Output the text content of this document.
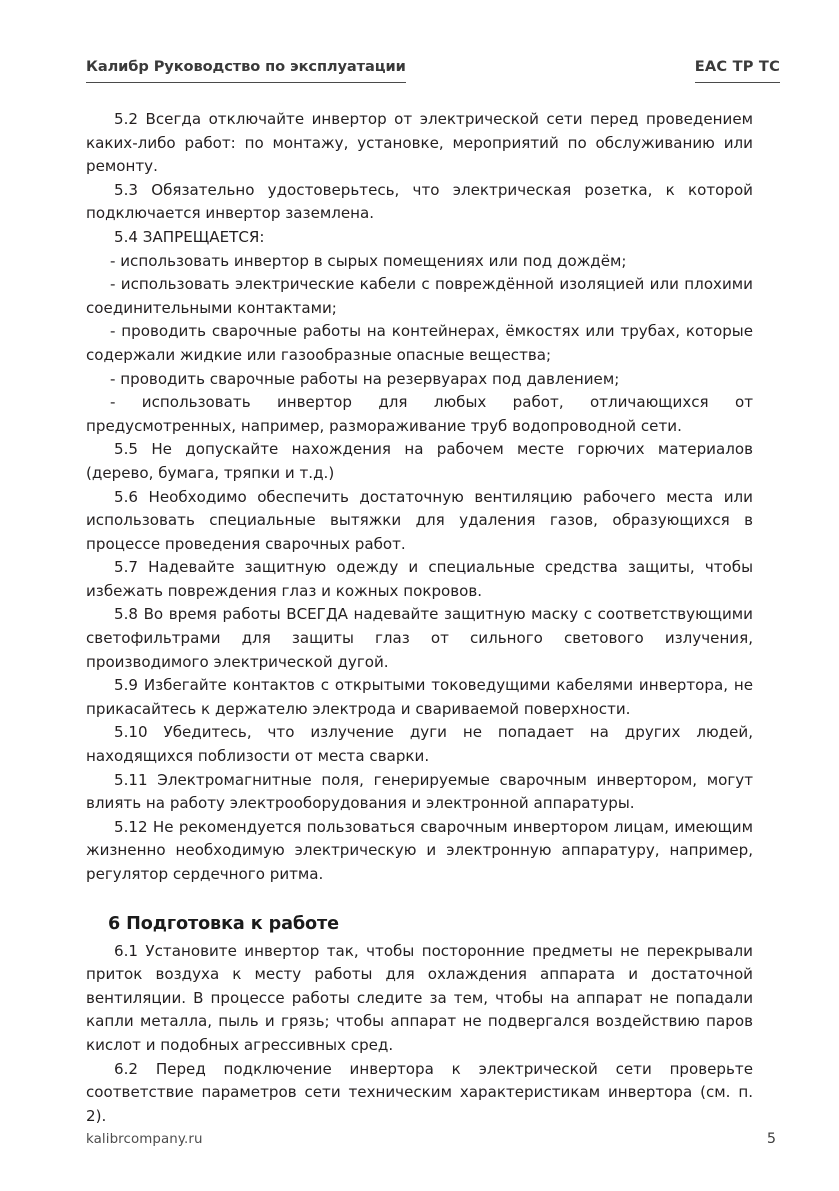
Калибр Руководство по эксплуатации	ЕАС ТР ТС

5.2 Всегда отключайте инвертор от электрической сети перед проведением каких-либо работ: по монтажу, установке, мероприятий по обслуживанию или ремонту.

5.3 Обязательно удостоверьтесь, что электрическая розетка, к которой подключается инвертор заземлена.

5.4 ЗАПРЕЩАЕТСЯ:

- использовать инвертор в сырых помещениях или под дождём;

- использовать электрические кабели с повреждённой изоляцией или плохими соединительными контактами;

- проводить сварочные работы на контейнерах, ёмкостях или трубах, которые содержали жидкие или газообразные опасные вещества;

- проводить сварочные работы на резервуарах под давлением;

- использовать инвертор для любых работ, отличающихся от предусмотренных, например, размораживание труб водопроводной сети.

5.5 Не допускайте нахождения на рабочем месте горючих материалов (дерево, бумага, тряпки и т.д.)

5.6 Необходимо обеспечить достаточную вентиляцию рабочего места или использовать специальные вытяжки для удаления газов, образующихся в процессе проведения сварочных работ.

5.7 Надевайте защитную одежду и специальные средства защиты, чтобы избежать повреждения глаз и кожных покровов.

5.8 Во время работы ВСЕГДА надевайте защитную маску с соответствующими светофильтрами для защиты глаз от сильного светового излучения, производимого электрической дугой.

5.9 Избегайте контактов с открытыми токоведущими кабелями инвертора, не прикасайтесь к держателю электрода и свариваемой поверхности.

5.10 Убедитесь, что излучение дуги не попадает на других людей, находящихся поблизости от места сварки.

5.11 Электромагнитные поля, генерируемые сварочным инвертором, могут влиять на работу электрооборудования и электронной аппаратуры.

5.12 Не рекомендуется пользоваться сварочным инвертором лицам, имеющим жизненно необходимую электрическую и электронную аппаратуру, например, регулятор сердечного ритма.

6 Подготовка к работе

6.1 Установите инвертор так, чтобы посторонние предметы не перекрывали приток воздуха к месту работы для охлаждения аппарата и достаточной вентиляции. В процессе работы следите за тем, чтобы на аппарат не попадали капли металла, пыль и грязь; чтобы аппарат не подвергался воздействию паров кислот и подобных агрессивных сред.

6.2 Перед подключение инвертора к электрической сети проверьте соответствие параметров сети техническим характеристикам инвертора (см. п. 2).

kalibrcompany.ru	5
